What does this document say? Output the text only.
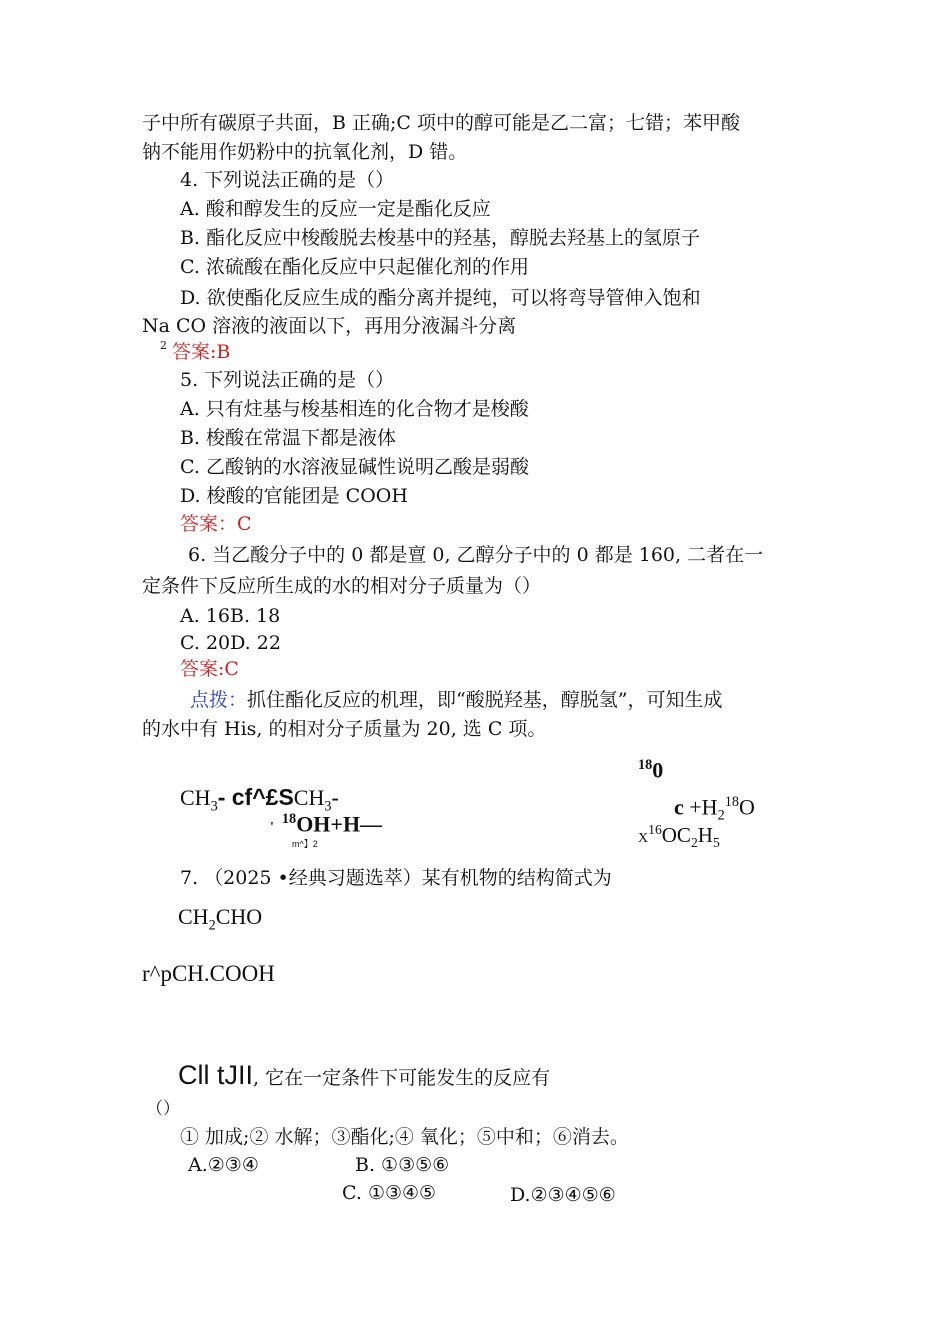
子中所有碳原子共面，B 正确;C 项中的醇可能是乙二富；七错；苯甲酸
钠不能用作奶粉中的抗氧化剂，D 错。
4. 下列说法正确的是（）
A. 酸和醇发生的反应一定是酯化反应
B. 酯化反应中梭酸脱去梭基中的羟基，醇脱去羟基上的氢原子
C. 浓硫酸在酯化反应中只起催化剂的作用
D. 欲使酯化反应生成的酯分离并提纯，可以将弯导管伸入饱和
Na CO 溶液的液面以下，再用分液漏斗分离
2 答案:B
5. 下列说法正确的是（）
A. 只有炷基与梭基相连的化合物才是梭酸
B. 梭酸在常温下都是液体
C. 乙酸钠的水溶液显碱性说明乙酸是弱酸
D. 梭酸的官能团是 COOH
答案：C
6. 当乙酸分子中的 0 都是亶 0, 乙醇分子中的 0 都是 160, 二者在一
定条件下反应所生成的水的相对分子质量为（）
A. 16B. 18
C. 20D. 22
答案:C
点拨：抓住酯化反应的机理，即“酸脱羟基，醇脱氢”，可知生成
的水中有 His, 的相对分子质量为 20, 选 C 项。
$CH_3-$ $cf\^{}£SCH_3-$
'$^{18}OH+H—$
m^】2
$^{18}$0
$c +H_2^{18}O$
$X^{16}OC_2H_5$
7. （2025 •经典习题选萃）某有机物的结构简式为
$CH_2CHO$
r^pCH.COOH
Cll tJII, 它在一定条件下可能发生的反应有
（）
① 加成;② 水解；③酯化;④ 氧化；⑤中和；⑥消去。
A.②③④	B. ①③⑤⑥
C. ①③④⑤	D.②③④⑤⑥
